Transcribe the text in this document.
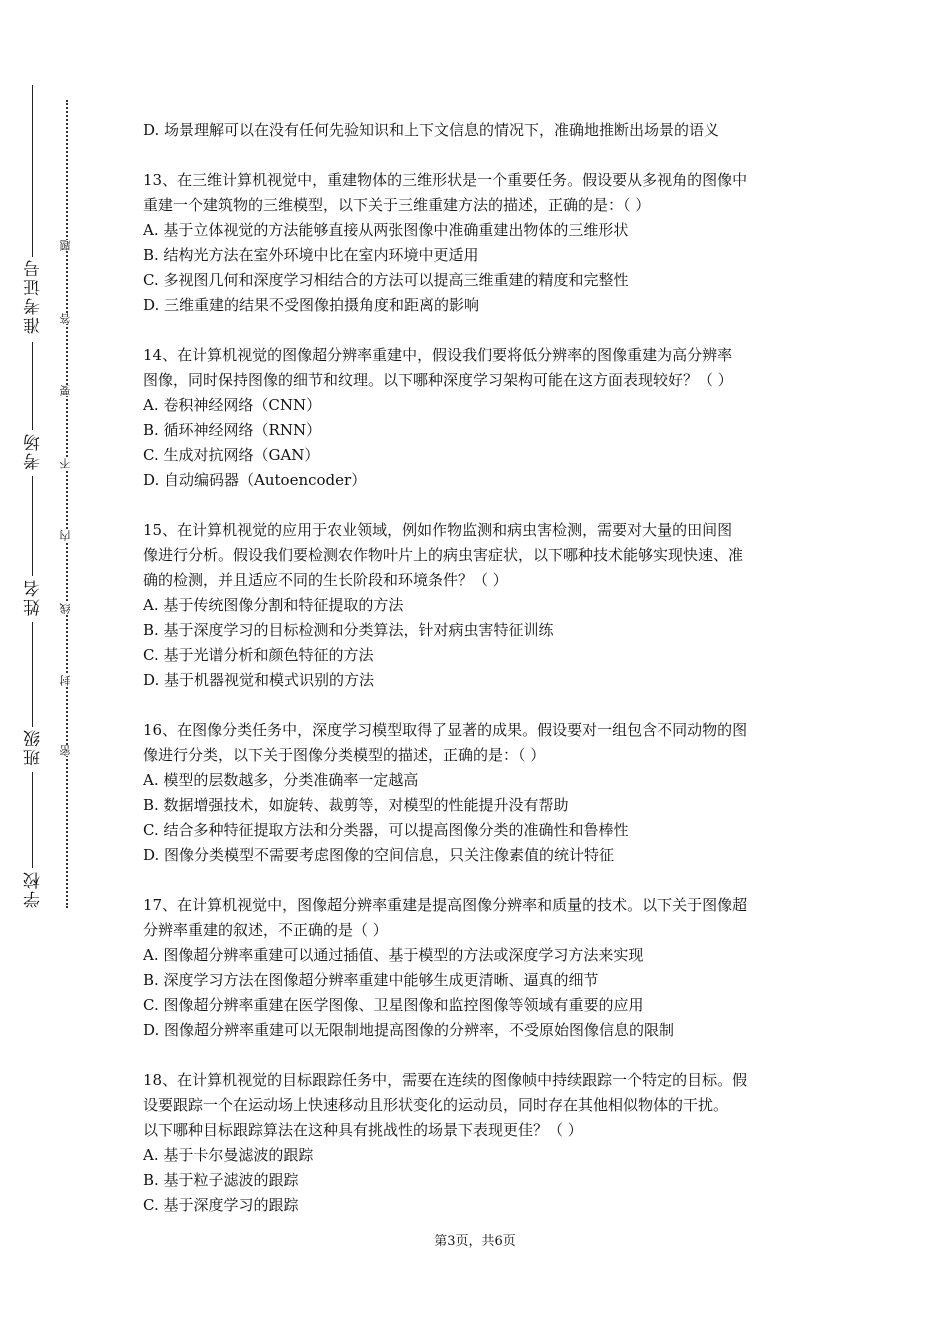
准考证号
考场
姓名
班级
学校
题
答
要
不
内
线
封
密
D. 场景理解可以在没有任何先验知识和上下文信息的情况下，准确地推断出场景的语义
13、在三维计算机视觉中，重建物体的三维形状是一个重要任务。假设要从多视角的图像中
重建一个建筑物的三维模型，以下关于三维重建方法的描述，正确的是：（ ）
A. 基于立体视觉的方法能够直接从两张图像中准确重建出物体的三维形状
B. 结构光方法在室外环境中比在室内环境中更适用
C. 多视图几何和深度学习相结合的方法可以提高三维重建的精度和完整性
D. 三维重建的结果不受图像拍摄角度和距离的影响
14、在计算机视觉的图像超分辨率重建中，假设我们要将低分辨率的图像重建为高分辨率
图像，同时保持图像的细节和纹理。以下哪种深度学习架构可能在这方面表现较好？（ ）
A. 卷积神经网络（CNN）
B. 循环神经网络（RNN）
C. 生成对抗网络（GAN）
D. 自动编码器（Autoencoder）
15、在计算机视觉的应用于农业领域，例如作物监测和病虫害检测，需要对大量的田间图
像进行分析。假设我们要检测农作物叶片上的病虫害症状，以下哪种技术能够实现快速、准
确的检测，并且适应不同的生长阶段和环境条件？（ ）
A. 基于传统图像分割和特征提取的方法
B. 基于深度学习的目标检测和分类算法，针对病虫害特征训练
C. 基于光谱分析和颜色特征的方法
D. 基于机器视觉和模式识别的方法
16、在图像分类任务中，深度学习模型取得了显著的成果。假设要对一组包含不同动物的图
像进行分类，以下关于图像分类模型的描述，正确的是：（ ）
A. 模型的层数越多，分类准确率一定越高
B. 数据增强技术，如旋转、裁剪等，对模型的性能提升没有帮助
C. 结合多种特征提取方法和分类器，可以提高图像分类的准确性和鲁棒性
D. 图像分类模型不需要考虑图像的空间信息，只关注像素值的统计特征
17、在计算机视觉中，图像超分辨率重建是提高图像分辨率和质量的技术。以下关于图像超
分辨率重建的叙述，不正确的是（ ）
A. 图像超分辨率重建可以通过插值、基于模型的方法或深度学习方法来实现
B. 深度学习方法在图像超分辨率重建中能够生成更清晰、逼真的细节
C. 图像超分辨率重建在医学图像、卫星图像和监控图像等领域有重要的应用
D. 图像超分辨率重建可以无限制地提高图像的分辨率，不受原始图像信息的限制
18、在计算机视觉的目标跟踪任务中，需要在连续的图像帧中持续跟踪一个特定的目标。假
设要跟踪一个在运动场上快速移动且形状变化的运动员，同时存在其他相似物体的干扰。
以下哪种目标跟踪算法在这种具有挑战性的场景下表现更佳？（ ）
A. 基于卡尔曼滤波的跟踪
B. 基于粒子滤波的跟踪
C. 基于深度学习的跟踪
第3页，共6页
